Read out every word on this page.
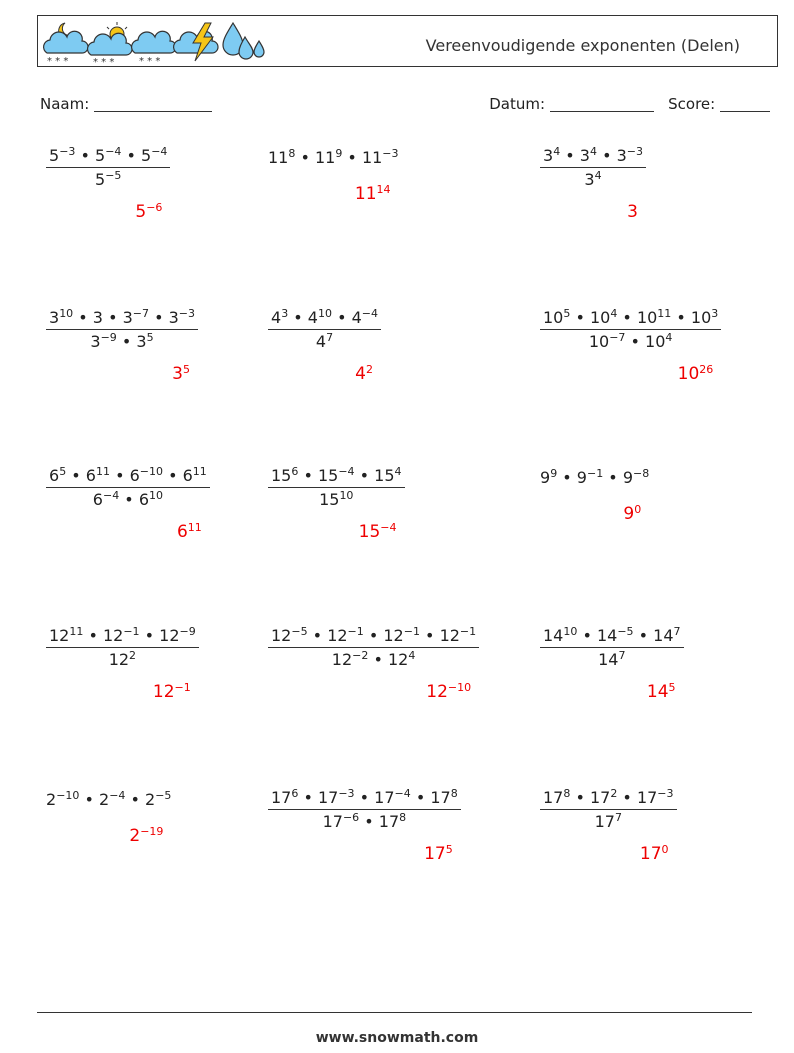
* * * * * * * * *
Vereenvoudigende exponenten (Delen)
Naam:	Datum:	Score:
$\frac{5^{-3} • 5^{-4} • 5^{-4}}{5^{-5}}$
$5^{-6}$
$11^8$ • $11^9$ • $11^{-3}$
$11^{14}$
$\frac{3^4 • 3^4 • 3^{-3}}{3^4}$
3
$\frac{3^{10} • 3 • 3^{-7} • 3^{-3}}{3^{-9} • 3^5}$
$3^5$
$\frac{4^3 • 4^{10} • 4^{-4}}{4^7}$
$4^2$
$\frac{10^5 • 10^4 • 10^{11} • 10^3}{10^{-7} • 10^4}$
$10^{26}$
$\frac{6^5 • 6^{11} • 6^{-10} • 6^{11}}{6^{-4} • 6^{10}}$
$6^{11}$
$\frac{15^6 • 15^{-4} • 15^4}{15^{10}}$
$15^{-4}$
$9^9$ • $9^{-1}$ • $9^{-8}$
$9^0$
$\frac{12^{11} • 12^{-1} • 12^{-9}}{12^2}$
$12^{-1}$
$\frac{12^{-5} • 12^{-1} • 12^{-1} • 12^{-1}}{12^{-2} • 12^4}$
$12^{-10}$
$\frac{14^{10} • 14^{-5} • 14^7}{14^7}$
$14^5$
$2^{-10}$ • $2^{-4}$ • $2^{-5}$
$2^{-19}$
$\frac{17^6 • 17^{-3} • 17^{-4} • 17^8}{17^{-6} • 17^8}$
$17^5$
$\frac{17^8 • 17^2 • 17^{-3}}{17^7}$
$17^0$
www.snowmath.com
